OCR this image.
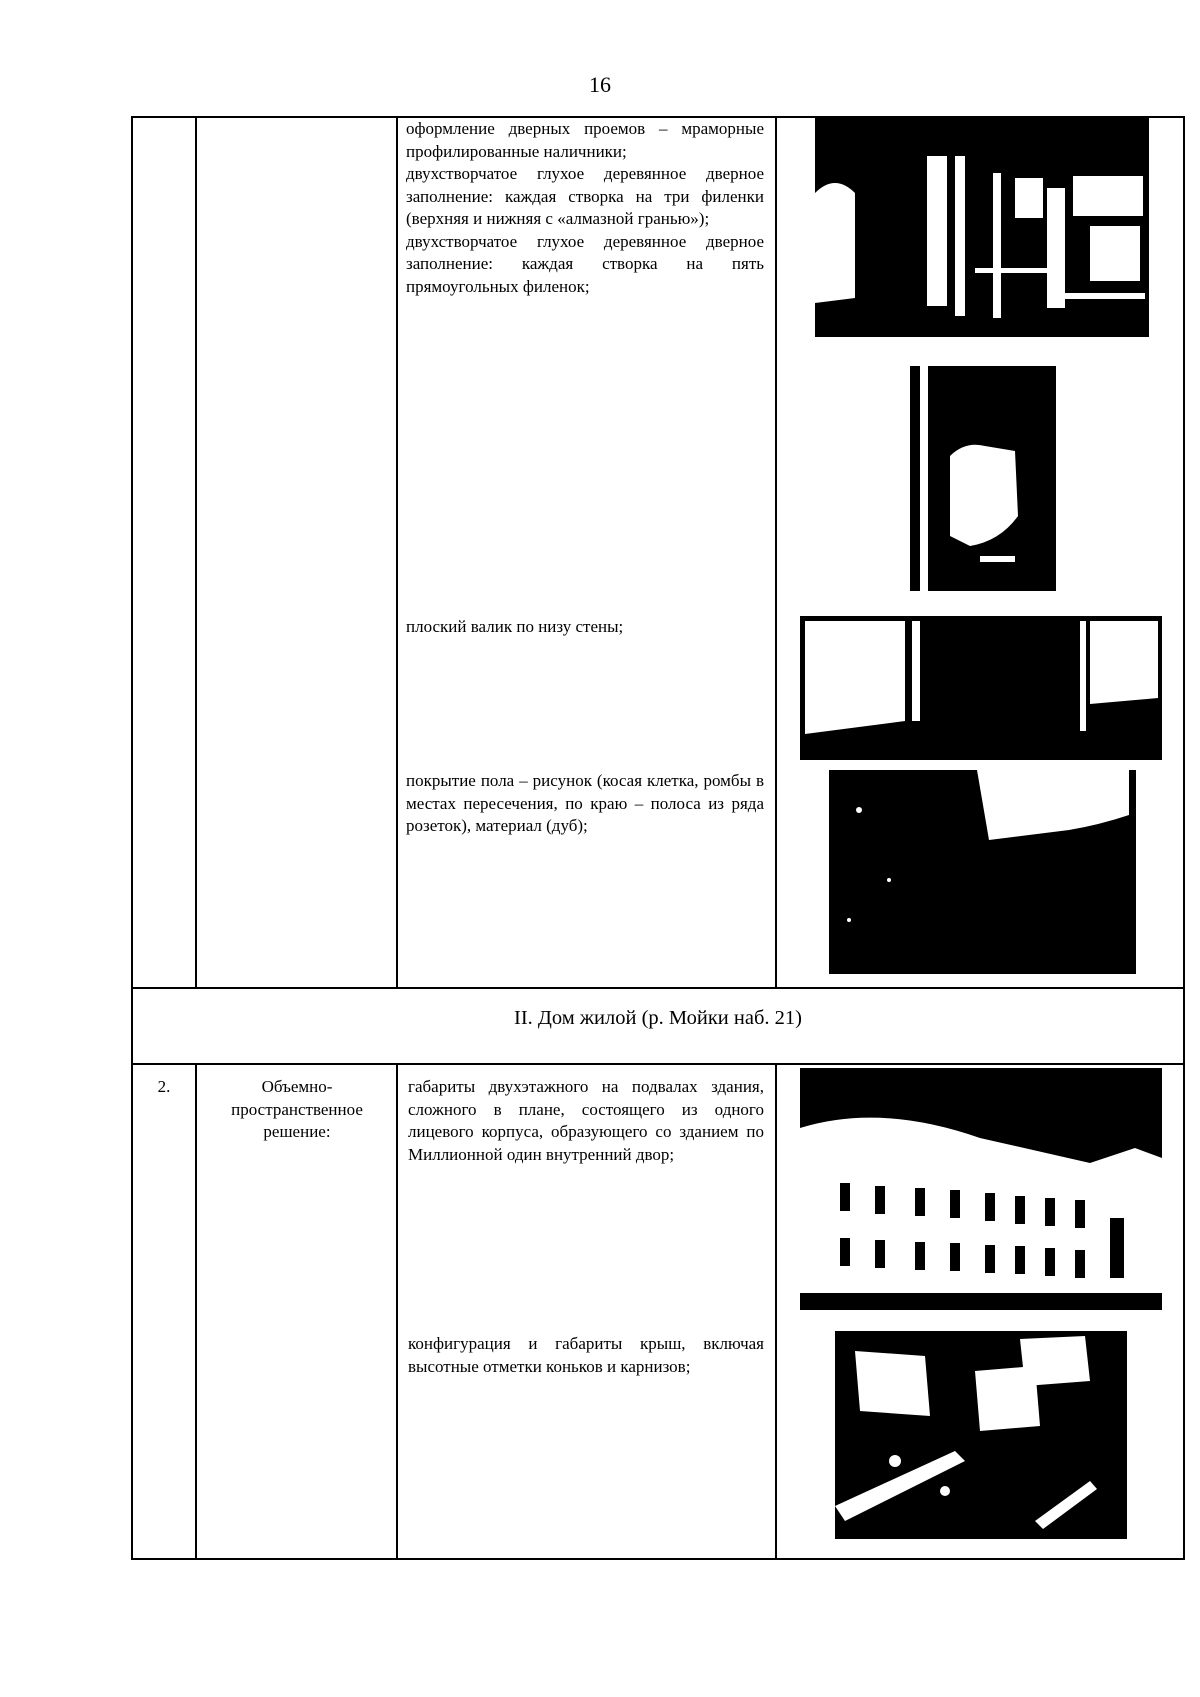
16
оформление дверных проемов – мраморные профилированные наличники;
двухстворчатое глухое деревянное дверное заполнение: каждая створка на три филенки (верхняя и нижняя с «алмазной гранью»);
двухстворчатое глухое деревянное дверное заполнение: каждая створка на пять прямоугольных филенок;
плоский валик по низу стены;
покрытие пола – рисунок (косая клетка, ромбы в местах пересечения, по краю – полоса из ряда розеток), материал (дуб);
II. Дом жилой (р. Мойки наб. 21)
2.	Объемно-пространственное решение:
габариты двухэтажного на подвалах здания, сложного в плане, состоящего из одного лицевого корпуса, образующего со зданием по Миллионной один внутренний двор;
конфигурация и габариты крыш, включая высотные отметки коньков и карнизов;
